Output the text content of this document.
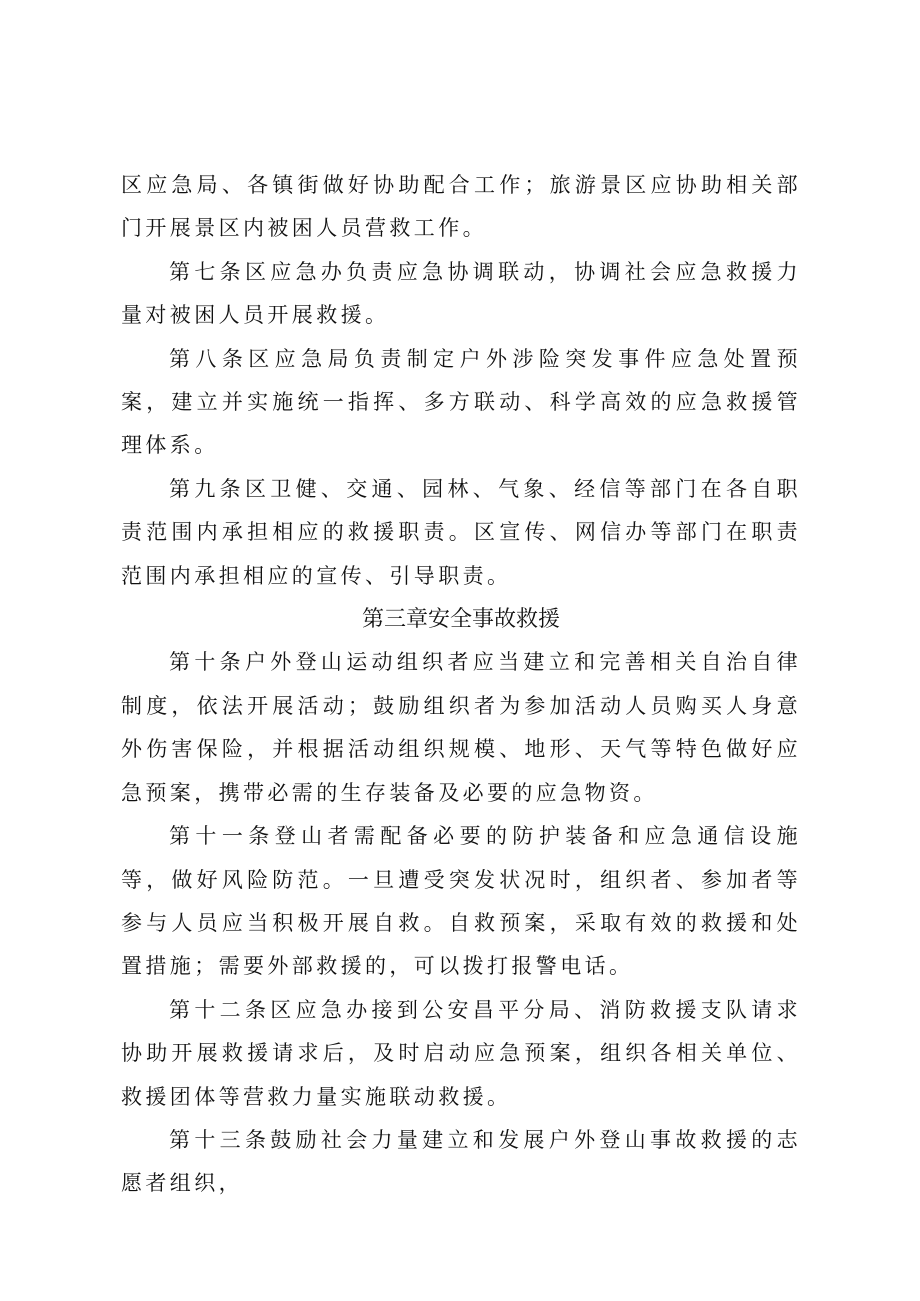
区应急局、各镇街做好协助配合工作；旅游景区应协助相关部门开展景区内被困人员营救工作。

第七条区应急办负责应急协调联动，协调社会应急救援力量对被困人员开展救援。

第八条区应急局负责制定户外涉险突发事件应急处置预案，建立并实施统一指挥、多方联动、科学高效的应急救援管理体系。

第九条区卫健、交通、园林、气象、经信等部门在各自职责范围内承担相应的救援职责。区宣传、网信办等部门在职责范围内承担相应的宣传、引导职责。

第三章安全事故救援

第十条户外登山运动组织者应当建立和完善相关自治自律制度，依法开展活动；鼓励组织者为参加活动人员购买人身意外伤害保险，并根据活动组织规模、地形、天气等特色做好应急预案，携带必需的生存装备及必要的应急物资。

第十一条登山者需配备必要的防护装备和应急通信设施等，做好风险防范。一旦遭受突发状况时，组织者、参加者等参与人员应当积极开展自救。自救预案，采取有效的救援和处置措施；需要外部救援的，可以拨打报警电话。

第十二条区应急办接到公安昌平分局、消防救援支队请求协助开展救援请求后，及时启动应急预案，组织各相关单位、救援团体等营救力量实施联动救援。

第十三条鼓励社会力量建立和发展户外登山事故救援的志愿者组织，
